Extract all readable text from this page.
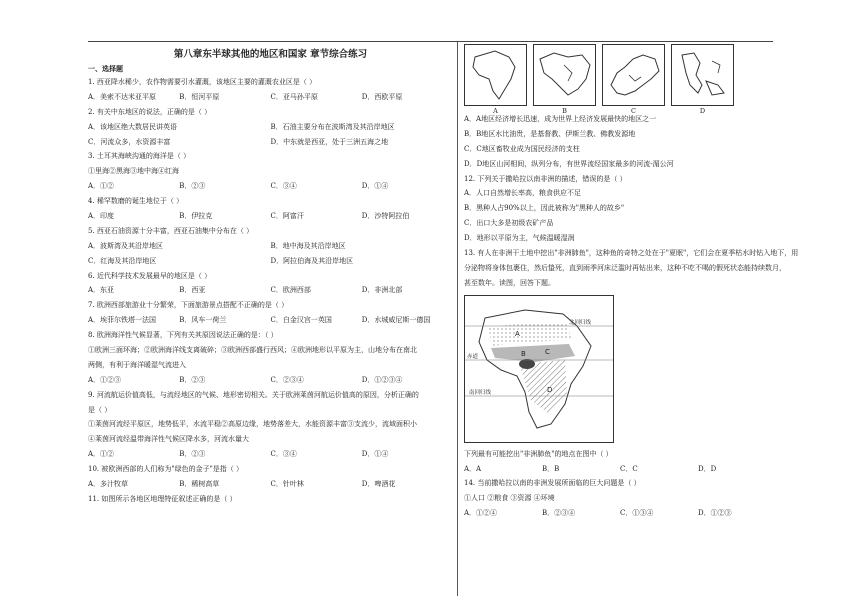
第八章东半球其他的地区和国家 章节综合练习
一、选择题
1. 西亚降水稀少，农作物需要引水灌溉，该地区主要的灌溉农业区是（ ）
A．美索不达米亚平原	B．恒河平原	C．亚马孙平原	D．西欧平原
2. 有关中东地区的说法，正确的是（ ）
A．该地区绝大数居民讲英语	B．石油主要分布在波斯湾及其沿岸地区
C．河流众多，水资源丰富	D．中东就是西亚，处于三洲五海之地
3. 土耳其海峡沟通的海洋是（ ）
①里海②黑海③地中海④红海
A．①②	B．②③	C．③④	D．①④
4. 稀罕数磨的诞生地位于（ ）
A．印度	B．伊拉克	C．阿富汗	D．沙特阿拉伯
5. 西亚石油资源十分丰富，西亚石油集中分布在（ ）
A．波斯湾及其沿岸地区	B．地中海及其沿岸地区
C．红海及其沿岸地区	D．阿拉伯海及其沿岸地区
6. 近代科学技术发展最早的地区是（ ）
A．东亚	B．西亚	C．欧洲西部	D．非洲北部
7. 欧洲西部旅游业十分繁荣，下面旅游景点搭配不正确的是（ ）
A．埃菲尔铁塔一法国	B．风车一荷兰	C．白金汉宫一英国	D．水城威尼斯一德国
8. 欧洲海洋性气候显著，下列有关其原因说法正确的是：（ ）
①欧洲三面环海；②欧洲海洋线支离破碎；③欧洲西部盛行西风；④欧洲地形以平原为主，山地分布在南北
两侧，有利于海洋暖湿气流进入
A．①②③	B．②③	C．②③④	D．①②③④
9. 河流航运价值高低，与流经地区的气候、地形密切相关。关于欧洲莱茵河航运价值高的原因，分析正确的
是（ ）
①莱茵河流经平原区，地势低平，水流平稳②高原边缘，地势落差大，水能资源丰富③支流少，流域面积小
④莱茵河流经温带海洋性气候区降水多，河流水量大
A．①②	B．②③	C．③④	D．①④
10. 被欧洲西部的人们称为"绿色的金子"是指（ ）
A．多汁牧草	B．稀树高草	C．针叶林	D．啤酒花
11. 如图所示各地区地理特征叙述正确的是（ ）
A	B	C	D
A．A地区经济增长迅速，成为世界上经济发展最快的地区之一
B．B地区水比油贵，是基督教、伊斯兰教、佛教发源地
C．C地区畜牧业成为国民经济的支柱
D．D地区山河相间，纵列分布，有世界流经国家最多的河流-湄公河
12. 下列关于撒哈拉以南非洲的描述，错误的是（ ）
A．人口自然增长率高，粮食供应不足
B．黑种人占90%以上，因此被称为"黑种人的故乡"
C．出口大多是初级农矿产品
D．地形以平原为主，气候温暖湿润
13. 有人在非洲干土地中挖出"非洲肺鱼"，这种鱼的奇特之处在于"夏眠"，它们会在夏季枯水时钻入地下，用
分泌物将身体包裹住，然后蛰死，直到雨季河床泛滥时再钻出来，这种不吃不喝的假死状态能持续数月，
甚至数年。读图，回答下题。
A
B	C
D
北回归线
赤道
南回归线
下列最有可能挖出"非洲肺鱼"的地点在图中（ ）
A．A	B．B	C．C	D．D
14. 当前撒哈拉以南的非洲发展所面临的巨大问题是（ ）
①人口 ②粮食 ③资源 ④环境
A．①②④	B．②③④	C．①③④	D．①②③
